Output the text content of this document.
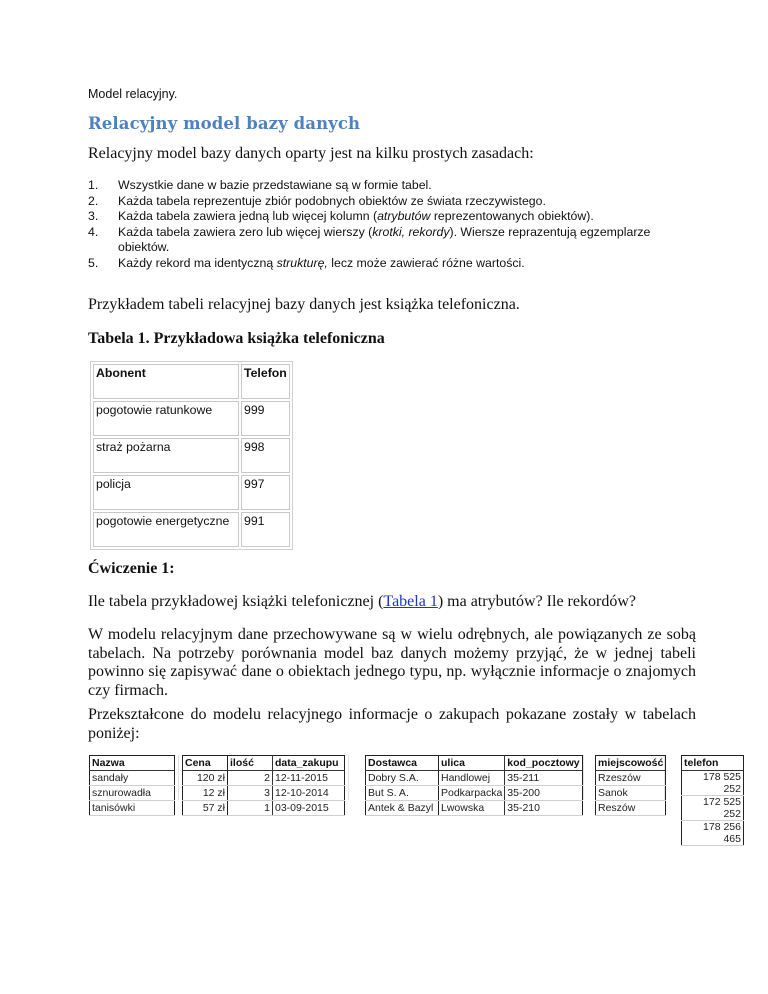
Model relacyjny.
Relacyjny model bazy danych
Relacyjny model bazy danych oparty jest na kilku prostych zasadach:
1. Wszystkie dane w bazie przedstawiane są w formie tabel.
2. Każda tabela reprezentuje zbiór podobnych obiektów ze świata rzeczywistego.
3. Każda tabela zawiera jedną lub więcej kolumn (atrybutów reprezentowanych obiektów).
4. Każda tabela zawiera zero lub więcej wierszy (krotki, rekordy). Wiersze reprazentują egzemplarze obiektów.
5. Każdy rekord ma identyczną strukturę, lecz może zawierać różne wartości.
Przykładem tabeli relacyjnej bazy danych jest książka telefoniczna.
Tabela 1. Przykładowa książka telefoniczna
Abonent	Telefon
pogotowie ratunkowe	999
straż pożarna	998
policja	997
pogotowie energetyczne	991
Ćwiczenie 1:
Ile tabela przykładowej książki telefonicznej (Tabela 1) ma atrybutów? Ile rekordów?
W modelu relacyjnym dane przechowywane są w wielu odrębnych, ale powiązanych ze sobą tabelach. Na potrzeby porównania model baz danych możemy przyjąć, że w jednej tabeli powinno się zapisywać dane o obiektach jednego typu, np. wyłącznie informacje o znajomych czy firmach.
Przekształcone do modelu relacyjnego informacje o zakupach pokazane zostały w tabelach poniżej:
Nazwa
sandały
sznurowadła
tanisówki
Cena	ilość	data_zakupu
120 zł	2	12-11-2015
12 zł	3	12-10-2014
57 zł	1	03-09-2015
Dostawca	ulica	kod_pocztowy
Dobry S.A.	Handlowej	35-211
But S. A.	Podkarpacka	35-200
Antek & Bazyl	Lwowska	35-210
miejscowość
Rzeszów
Sanok
Reszów
telefon
178 525 252
172 525 252
178 256 465
